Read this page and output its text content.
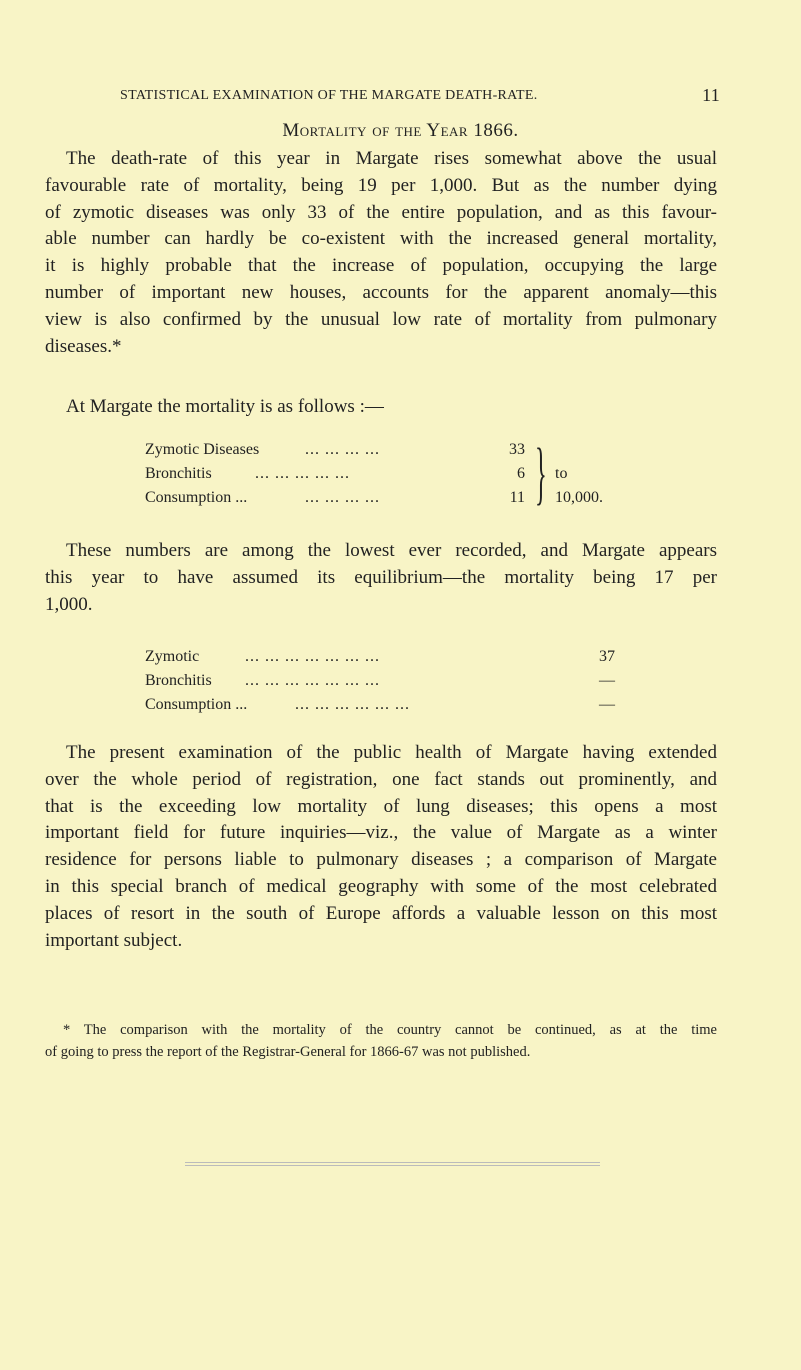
STATISTICAL EXAMINATION OF THE MARGATE DEATH-RATE.	11
Mortality of the Year 1866.
The death-rate of this year in Margate rises somewhat above the usual
favourable rate of mortality, being 19 per 1,000. But as the number dying
of zymotic diseases was only 33 of the entire population, and as this favour-
able number can hardly be co-existent with the increased general mortality,
it is highly probable that the increase of population, occupying the large
number of important new houses, accounts for the apparent anomaly—this
view is also confirmed by the unusual low rate of mortality from pulmonary
diseases.*
At Margate the mortality is as follows :—
Zymotic Diseases	... ... ... ...	33
Bronchitis	... ... ... ... ...	6
Consumption ...	... ... ... ...	11 } to 10,000.
These numbers are among the lowest ever recorded, and Margate appears
this year to have assumed its equilibrium—the mortality being 17 per
1,000.
Zymotic	... ... ... ... ... ... ...	37
Bronchitis ... ... ... ... ... ... ...	—
Consumption ...	... ... ... ... ... ...	—
The present examination of the public health of Margate having extended
over the whole period of registration, one fact stands out prominently, and
that is the exceeding low mortality of lung diseases; this opens a most
important field for future inquiries—viz., the value of Margate as a winter
residence for persons liable to pulmonary diseases ; a comparison of Margate
in this special branch of medical geography with some of the most celebrated
places of resort in the south of Europe affords a valuable lesson on this most
important subject.
* The comparison with the mortality of the country cannot be continued, as at the time
of going to press the report of the Registrar-General for 1866-67 was not published.
